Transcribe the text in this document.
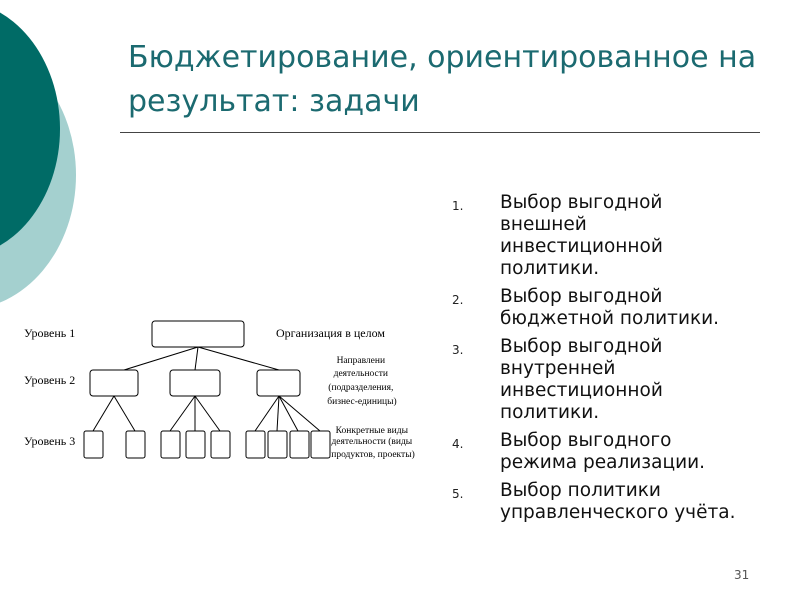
Бюджетирование, ориентированное на результат: задачи
1. Выбор выгодной внешней инвестиционной политики.
2. Выбор выгодной бюджетной политики.
3. Выбор выгодной внутренней инвестиционной политики.
4. Выбор выгодного режима реализации.
5. Выбор политики управленческого учёта.
Уровень 1
Уровень 2
Уровень 3
Организация в целом
Направлени деятельности (подразделения, бизнес-единицы)
Конкретные виды деятельности (виды продуктов, проекты)
31
